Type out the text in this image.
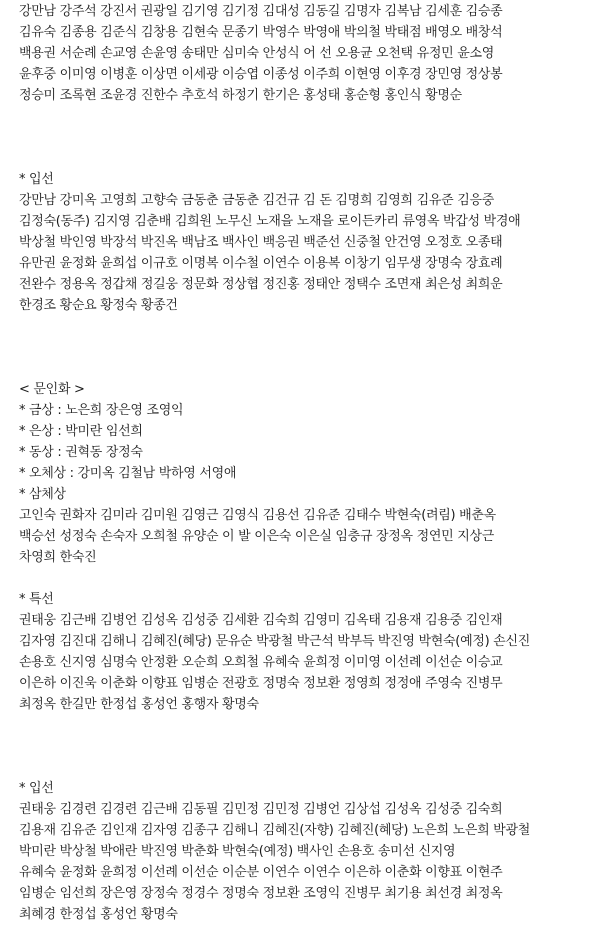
강만남 강주석 강진서 권광일 김기영 김기정 김대성 김동길 김명자 김복남 김세훈 김승종
김유숙 김종용 김준식 김창용 김현숙 문종기 박영수 박영애 박의철 박태점 배영오 배창석
백용권 서순례 손교영 손윤영 송태만 심미숙 안성식 어 선 오용균 오천택 유정민 윤소영
윤후중 이미영 이병훈 이상면 이세광 이승엽 이종성 이주희 이현영 이후경 장민영 정상봉
정승미 조록현 조윤경 진한수 추호석 하정기 한기은 홍성태 홍순형 홍인식 황명순
* 입선
강만남 강미옥 고영희 고향숙 금동춘 금동춘 김건규 김 돈 김명희 김영희 김유준 김응중
김정숙(동주) 김지영 김춘배 김희원 노무신 노재을 노재을 로이든카리 류영옥 박갑성 박경애
박상철 박인영 박장석 박진옥 백남조 백사인 백응권 백준선 신중철 안건영 오정호 오종태
유만권 윤정화 윤희섭 이규호 이명복 이수철 이연수 이용복 이창기 임무생 장명숙 장효례
전완수 정용옥 정갑채 정길웅 정문화 정상협 정진홍 정태안 정택수 조면재 최은성 최희운
한경조 황순요 황정숙 황종건
< 문인화 >
* 금상 : 노은희 장은영 조영익
* 은상 : 박미란 임선희
* 동상 : 권혁동 장정숙
* 오체상 : 강미옥 김철남 박하영 서영애
* 삼체상
고인숙 권화자 김미라 김미원 김영근 김영식 김용선 김유준 김태수 박현숙(려림) 배춘옥
백승선 성정숙 손숙자 오희철 유양순 이 발 이은숙 이은실 임충규 장정옥 정연민 지상근
차영희 한숙진
* 특선
권태웅 김근배 김병언 김성옥 김성중 김세환 김숙희 김영미 김옥태 김용재 김용중 김인재
김자영 김진대 김해니 김혜진(혜당) 문유순 박광철 박근석 박부득 박진영 박현숙(예정) 손신진
손용호 신지영 심명숙 안정환 오순희 오희철 유혜숙 윤희정 이미영 이선례 이선순 이승교
이은하 이진욱 이춘화 이향표 임병순 전광호 정명숙 정보환 정영희 정정애 주영숙 진병무
최정옥 한길만 한정섭 홍성언 홍행자 황명숙
* 입선
권태웅 김경련 김경련 김근배 김동필 김민정 김민정 김병언 김상섭 김성옥 김성중 김숙희
김용재 김유준 김인재 김자영 김종구 김해니 김혜진(자향) 김혜진(혜당) 노은희 노은희 박광철
박미란 박상철 박애란 박진영 박춘화 박현숙(예정) 백사인 손용호 송미선 신지영
유혜숙 윤정화 윤희정 이선례 이선순 이순분 이연수 이연수 이은하 이춘화 이향표 이현주
임병순 임선희 장은영 장정숙 정경수 정명숙 정보환 조영익 진병무 최기용 최선경 최정옥
최혜경 한정섭 홍성언 황명숙
